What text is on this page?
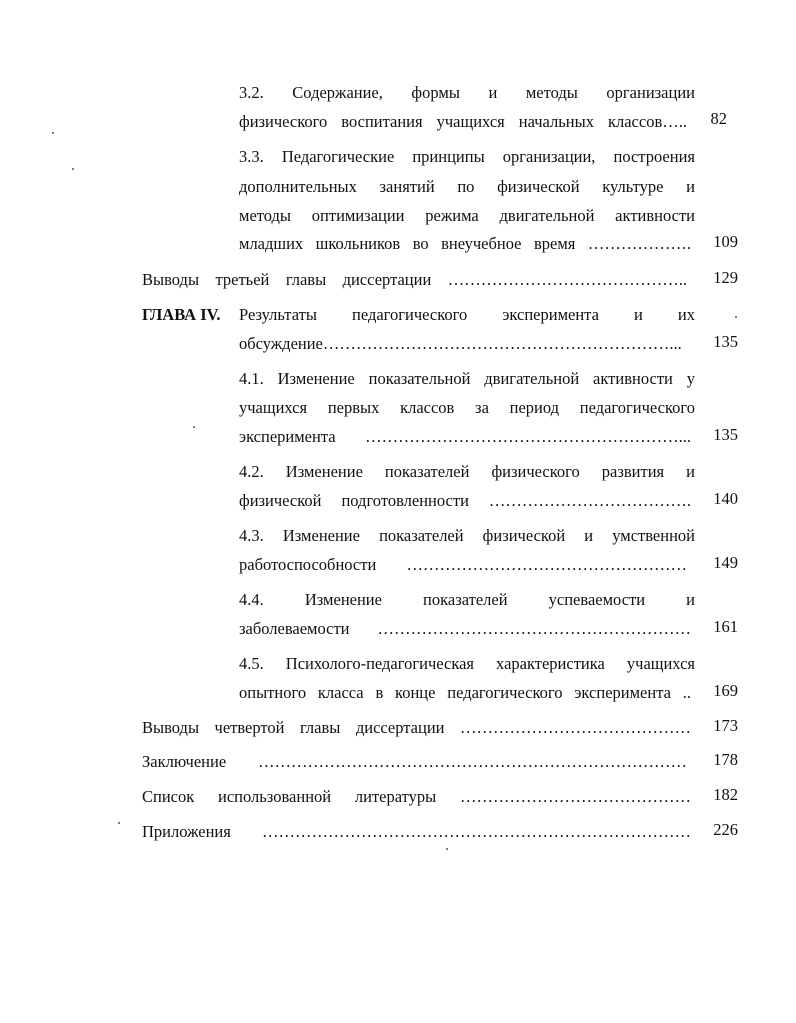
3.2. Содержание, формы и методы организации
физического воспитания учащихся начальных классов…..	82
3.3. Педагогические принципы организации, построения
дополнительных занятий по физической культуре и
методы оптимизации режима двигательной активности
младших школьников во внеучебное время ……………….	109
Выводы третьей главы диссертации ……………………………………..	129
ГЛАВА IV. Результаты педагогического эксперимента и их
обсуждение………………………………………………………...	135
4.1. Изменение показательной двигательной активности у
учащихся первых классов за период педагогического
эксперимента …………………………………………………...	135
4.2. Изменение показателей физического развития и
физической подготовленности ……………………………….	140
4.3. Изменение показателей физической и умственной
работоспособности ……………………………………………	149
4.4. Изменение показателей успеваемости и
заболеваемости …………………………………………………	161
4.5. Психолого-педагогическая характеристика учащихся
опытного класса в конце педагогического эксперимента ..	169
Выводы четвертой главы диссертации ……………………………………	173
Заключение ……………………………………………………………………	178
Список использованной литературы ……………………………………	182
Приложения ……………………………………………………………………	226
